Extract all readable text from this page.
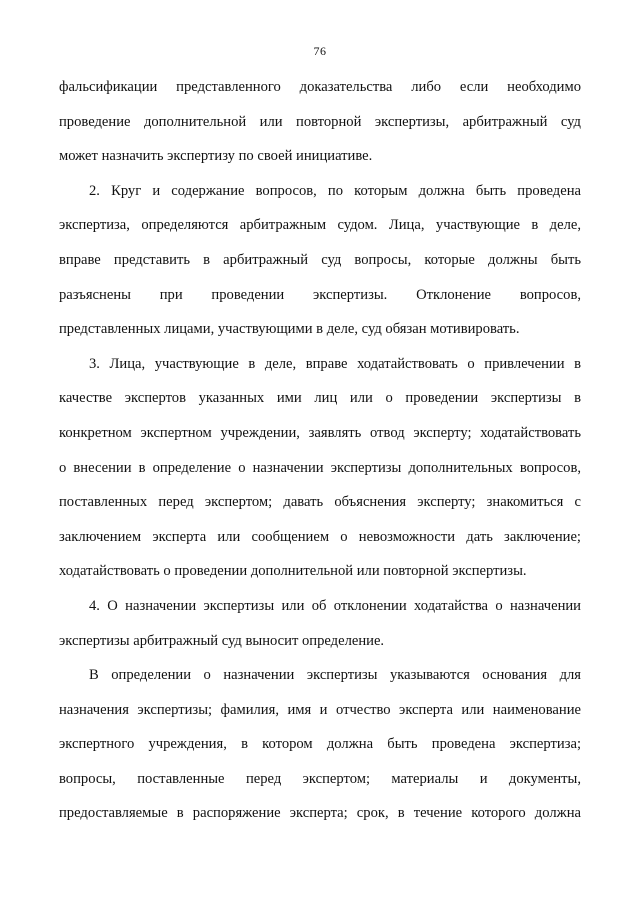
76
фальсификации представленного доказательства либо если необходимо
проведение дополнительной или повторной экспертизы, арбитражный суд
может назначить экспертизу по своей инициативе.
2. Круг и содержание вопросов, по которым должна быть проведена
экспертиза, определяются арбитражным судом. Лица, участвующие в деле,
вправе представить в арбитражный суд вопросы, которые должны быть
разъяснены при проведении экспертизы. Отклонение вопросов,
представленных лицами, участвующими в деле, суд обязан мотивировать.
3. Лица, участвующие в деле, вправе ходатайствовать о привлечении в
качестве экспертов указанных ими лиц или о проведении экспертизы в
конкретном экспертном учреждении, заявлять отвод эксперту; ходатайствовать
о внесении в определение о назначении экспертизы дополнительных вопросов,
поставленных перед экспертом; давать объяснения эксперту; знакомиться с
заключением эксперта или сообщением о невозможности дать заключение;
ходатайствовать о проведении дополнительной или повторной экспертизы.
4. О назначении экспертизы или об отклонении ходатайства о назначении
экспертизы арбитражный суд выносит определение.
В определении о назначении экспертизы указываются основания для
назначения экспертизы; фамилия, имя и отчество эксперта или наименование
экспертного учреждения, в котором должна быть проведена экспертиза;
вопросы, поставленные перед экспертом; материалы и документы,
предоставляемые в распоряжение эксперта; срок, в течение которого должна
